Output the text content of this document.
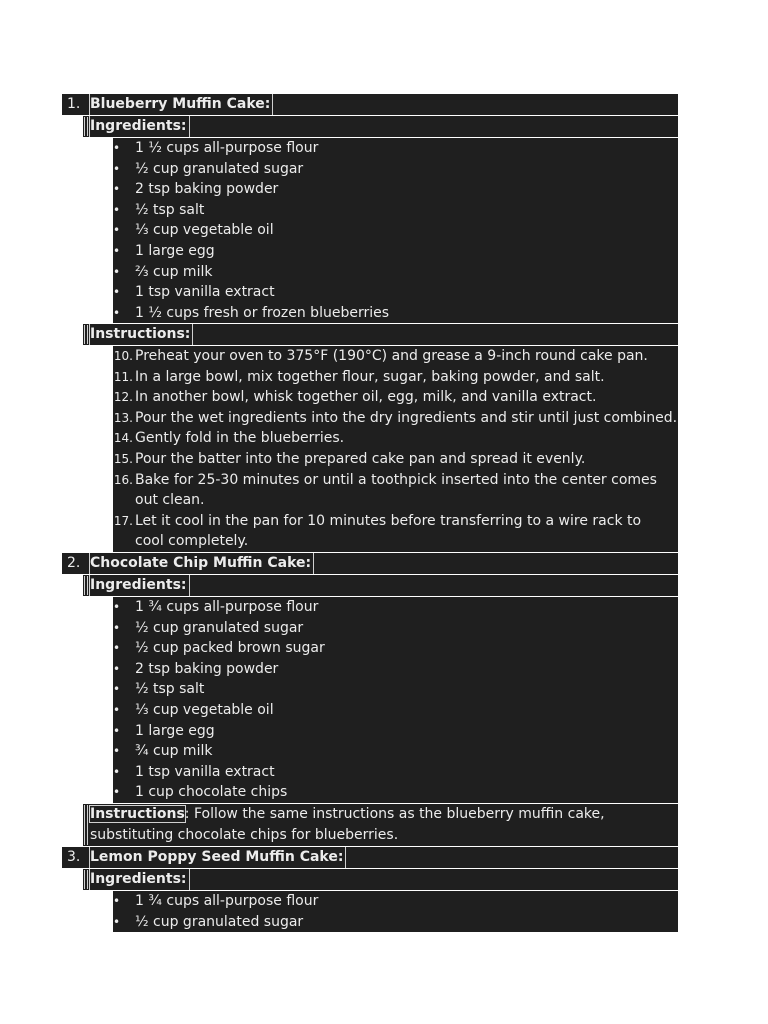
1. Blueberry Muffin Cake:
Ingredients:
• 1 ½ cups all-purpose flour
• ½ cup granulated sugar
• 2 tsp baking powder
• ½ tsp salt
• ⅓ cup vegetable oil
• 1 large egg
• ⅔ cup milk
• 1 tsp vanilla extract
• 1 ½ cups fresh or frozen blueberries
Instructions:
10. Preheat your oven to 375°F (190°C) and grease a 9-inch round cake pan.
11. In a large bowl, mix together flour, sugar, baking powder, and salt.
12. In another bowl, whisk together oil, egg, milk, and vanilla extract.
13. Pour the wet ingredients into the dry ingredients and stir until just combined.
14. Gently fold in the blueberries.
15. Pour the batter into the prepared cake pan and spread it evenly.
16. Bake for 25-30 minutes or until a toothpick inserted into the center comes out clean.
17. Let it cool in the pan for 10 minutes before transferring to a wire rack to cool completely.
2. Chocolate Chip Muffin Cake:
Ingredients:
• 1 ¾ cups all-purpose flour
• ½ cup granulated sugar
• ½ cup packed brown sugar
• 2 tsp baking powder
• ½ tsp salt
• ⅓ cup vegetable oil
• 1 large egg
• ¾ cup milk
• 1 tsp vanilla extract
• 1 cup chocolate chips
Instructions: Follow the same instructions as the blueberry muffin cake, substituting chocolate chips for blueberries.
3. Lemon Poppy Seed Muffin Cake:
Ingredients:
• 1 ¾ cups all-purpose flour
• ½ cup granulated sugar
